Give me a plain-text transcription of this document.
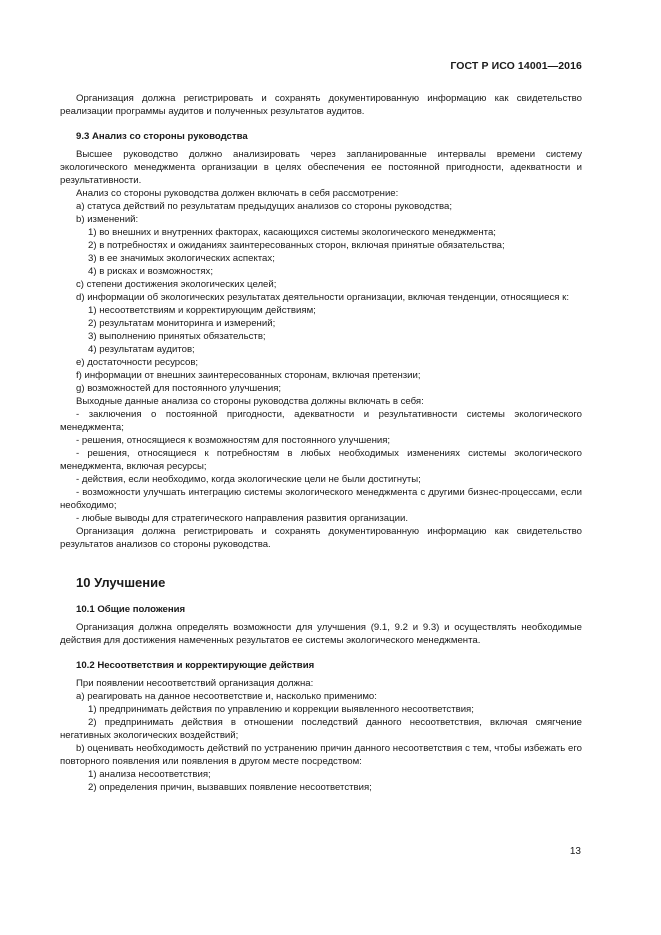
ГОСТ Р ИСО 14001—2016

Организация должна регистрировать и сохранять документированную информацию как свидетельство реализации программы аудитов и полученных результатов аудитов.

9.3 Анализ со стороны руководства

Высшее руководство должно анализировать через запланированные интервалы времени систему экологического менеджмента организации в целях обеспечения ее постоянной пригодности, адекватности и результативности.

Анализ со стороны руководства должен включать в себя рассмотрение:

a) статуса действий по результатам предыдущих анализов со стороны руководства;

b) изменений:

1) во внешних и внутренних факторах, касающихся системы экологического менеджмента;

2) в потребностях и ожиданиях заинтересованных сторон, включая принятые обязательства;

3) в ее значимых экологических аспектах;

4) в рисках и возможностях;

c) степени достижения экологических целей;

d) информации об экологических результатах деятельности организации, включая тенденции, относящиеся к:

1) несоответствиям и корректирующим действиям;

2) результатам мониторинга и измерений;

3) выполнению принятых обязательств;

4) результатам аудитов;

e) достаточности ресурсов;

f) информации от внешних заинтересованных сторонам, включая претензии;

g) возможностей для постоянного улучшения;

Выходные данные анализа со стороны руководства должны включать в себя:

- заключения о постоянной пригодности, адекватности и результативности системы экологического менеджмента;

- решения, относящиеся к возможностям для постоянного улучшения;

- решения, относящиеся к потребностям в любых необходимых изменениях системы экологического менеджмента, включая ресурсы;

- действия, если необходимо, когда экологические цели не были достигнуты;

- возможности улучшать интеграцию системы экологического менеджмента с другими бизнес-процессами, если необходимо;

- любые выводы для стратегического направления развития организации.

Организация должна регистрировать и сохранять документированную информацию как свидетельство результатов анализов со стороны руководства.

10 Улучшение

10.1 Общие положения

Организация должна определять возможности для улучшения (9.1, 9.2 и 9.3) и осуществлять необходимые действия для достижения намеченных результатов ее системы экологического менеджмента.

10.2 Несоответствия и корректирующие действия

При появлении несоответствий организация должна:

a) реагировать на данное несоответствие и, насколько применимо:

1) предпринимать действия по управлению и коррекции выявленного несоответствия;

2) предпринимать действия в отношении последствий данного несоответствия, включая смягчение негативных экологических воздействий;

b) оценивать необходимость действий по устранению причин данного несоответствия с тем, чтобы избежать его повторного появления или появления в другом месте посредством:

1) анализа несоответствия;

2) определения причин, вызвавших появление несоответствия;

13
